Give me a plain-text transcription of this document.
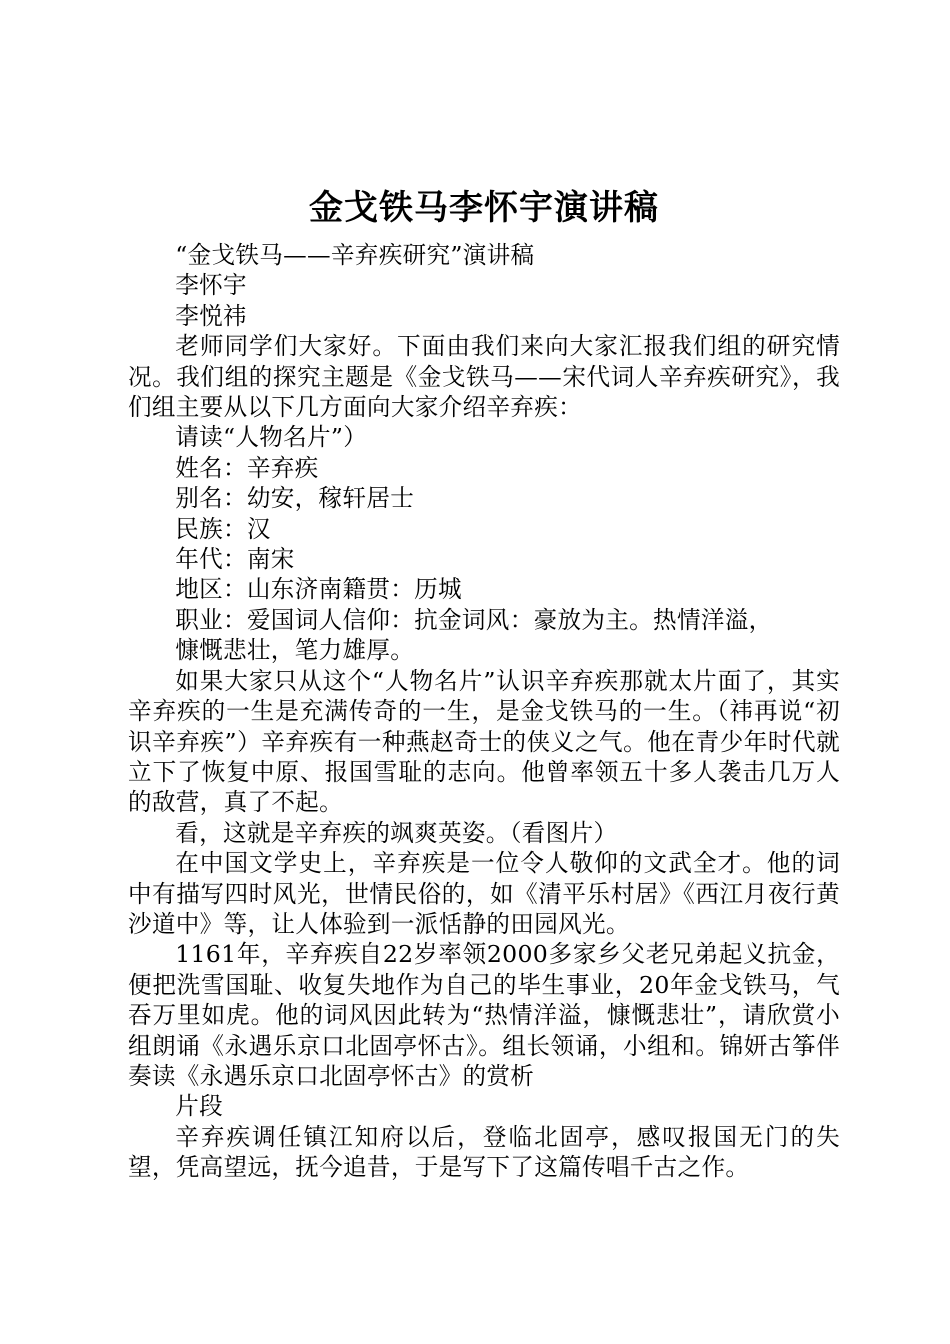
金戈铁马李怀宇演讲稿

“金戈铁马——辛弃疾研究”演讲稿

李怀宇

李悦祎

老师同学们大家好。下面由我们来向大家汇报我们组的研究情况。我们组的探究主题是《金戈铁马——宋代词人辛弃疾研究》，我们组主要从以下几方面向大家介绍辛弃疾：

请读“人物名片”）

姓名：辛弃疾

别名：幼安，稼轩居士

民族：汉

年代：南宋

地区：山东济南籍贯：历城

职业：爱国词人信仰：抗金词风：豪放为主。热情洋溢，

慷慨悲壮，笔力雄厚。

如果大家只从这个“人物名片”认识辛弃疾那就太片面了，其实辛弃疾的一生是充满传奇的一生，是金戈铁马的一生。（祎再说“初识辛弃疾”）辛弃疾有一种燕赵奇士的侠义之气。他在青少年时代就立下了恢复中原、报国雪耻的志向。他曾率领五十多人袭击几万人的敌营，真了不起。

看，这就是辛弃疾的飒爽英姿。（看图片）

在中国文学史上，辛弃疾是一位令人敬仰的文武全才。他的词中有描写四时风光，世情民俗的，如《清平乐村居》《西江月夜行黄沙道中》等，让人体验到一派恬静的田园风光。

1161年，辛弃疾自22岁率领2000多家乡父老兄弟起义抗金，便把洗雪国耻、收复失地作为自己的毕生事业，20年金戈铁马，气吞万里如虎。他的词风因此转为“热情洋溢，慷慨悲壮”，请欣赏小组朗诵《永遇乐京口北固亭怀古》。组长领诵，小组和。锦妍古筝伴奏读《永遇乐京口北固亭怀古》的赏析

片段

辛弃疾调任镇江知府以后，登临北固亭，感叹报国无门的失望，凭高望远，抚今追昔，于是写下了这篇传唱千古之作。
